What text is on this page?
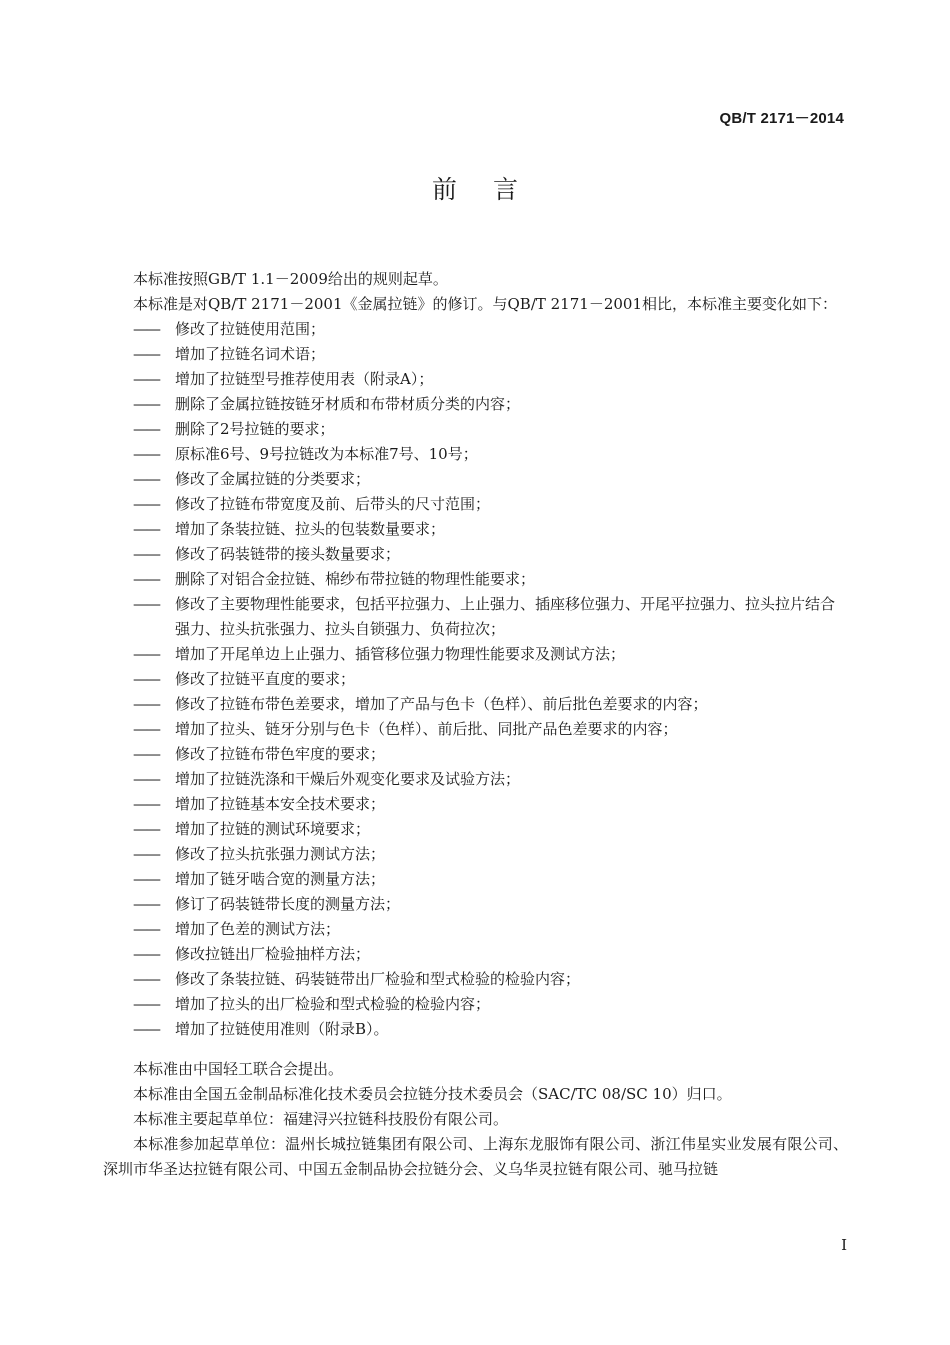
QB/T 2171－2014
前言

本标准按照GB/T 1.1－2009给出的规则起草。

本标准是对QB/T 2171－2001《金属拉链》的修订。与QB/T 2171－2001相比，本标准主要变化如下：

—— 修改了拉链使用范围；
—— 增加了拉链名词术语；
—— 增加了拉链型号推荐使用表（附录A）；
—— 删除了金属拉链按链牙材质和布带材质分类的内容；
—— 删除了2号拉链的要求；
—— 原标准6号、9号拉链改为本标准7号、10号；
—— 修改了金属拉链的分类要求；
—— 修改了拉链布带宽度及前、后带头的尺寸范围；
—— 增加了条装拉链、拉头的包装数量要求；
—— 修改了码装链带的接头数量要求；
—— 删除了对铝合金拉链、棉纱布带拉链的物理性能要求；
—— 修改了主要物理性能要求，包括平拉强力、上止强力、插座移位强力、开尾平拉强力、拉头拉片结合强力、拉头抗张强力、拉头自锁强力、负荷拉次；
—— 增加了开尾单边上止强力、插管移位强力物理性能要求及测试方法；
—— 修改了拉链平直度的要求；
—— 修改了拉链布带色差要求，增加了产品与色卡（色样）、前后批色差要求的内容；
—— 增加了拉头、链牙分别与色卡（色样）、前后批、同批产品色差要求的内容；
—— 修改了拉链布带色牢度的要求；
—— 增加了拉链洗涤和干燥后外观变化要求及试验方法；
—— 增加了拉链基本安全技术要求；
—— 增加了拉链的测试环境要求；
—— 修改了拉头抗张强力测试方法；
—— 增加了链牙啮合宽的测量方法；
—— 修订了码装链带长度的测量方法；
—— 增加了色差的测试方法；
—— 修改拉链出厂检验抽样方法；
—— 修改了条装拉链、码装链带出厂检验和型式检验的检验内容；
—— 增加了拉头的出厂检验和型式检验的检验内容；
—— 增加了拉链使用准则（附录B）。

本标准由中国轻工联合会提出。

本标准由全国五金制品标准化技术委员会拉链分技术委员会（SAC/TC 08/SC 10）归口。

本标准主要起草单位：福建浔兴拉链科技股份有限公司。

本标准参加起草单位：温州长城拉链集团有限公司、上海东龙服饰有限公司、浙江伟星实业发展有限公司、深圳市华圣达拉链有限公司、中国五金制品协会拉链分会、义乌华灵拉链有限公司、驰马拉链

I
